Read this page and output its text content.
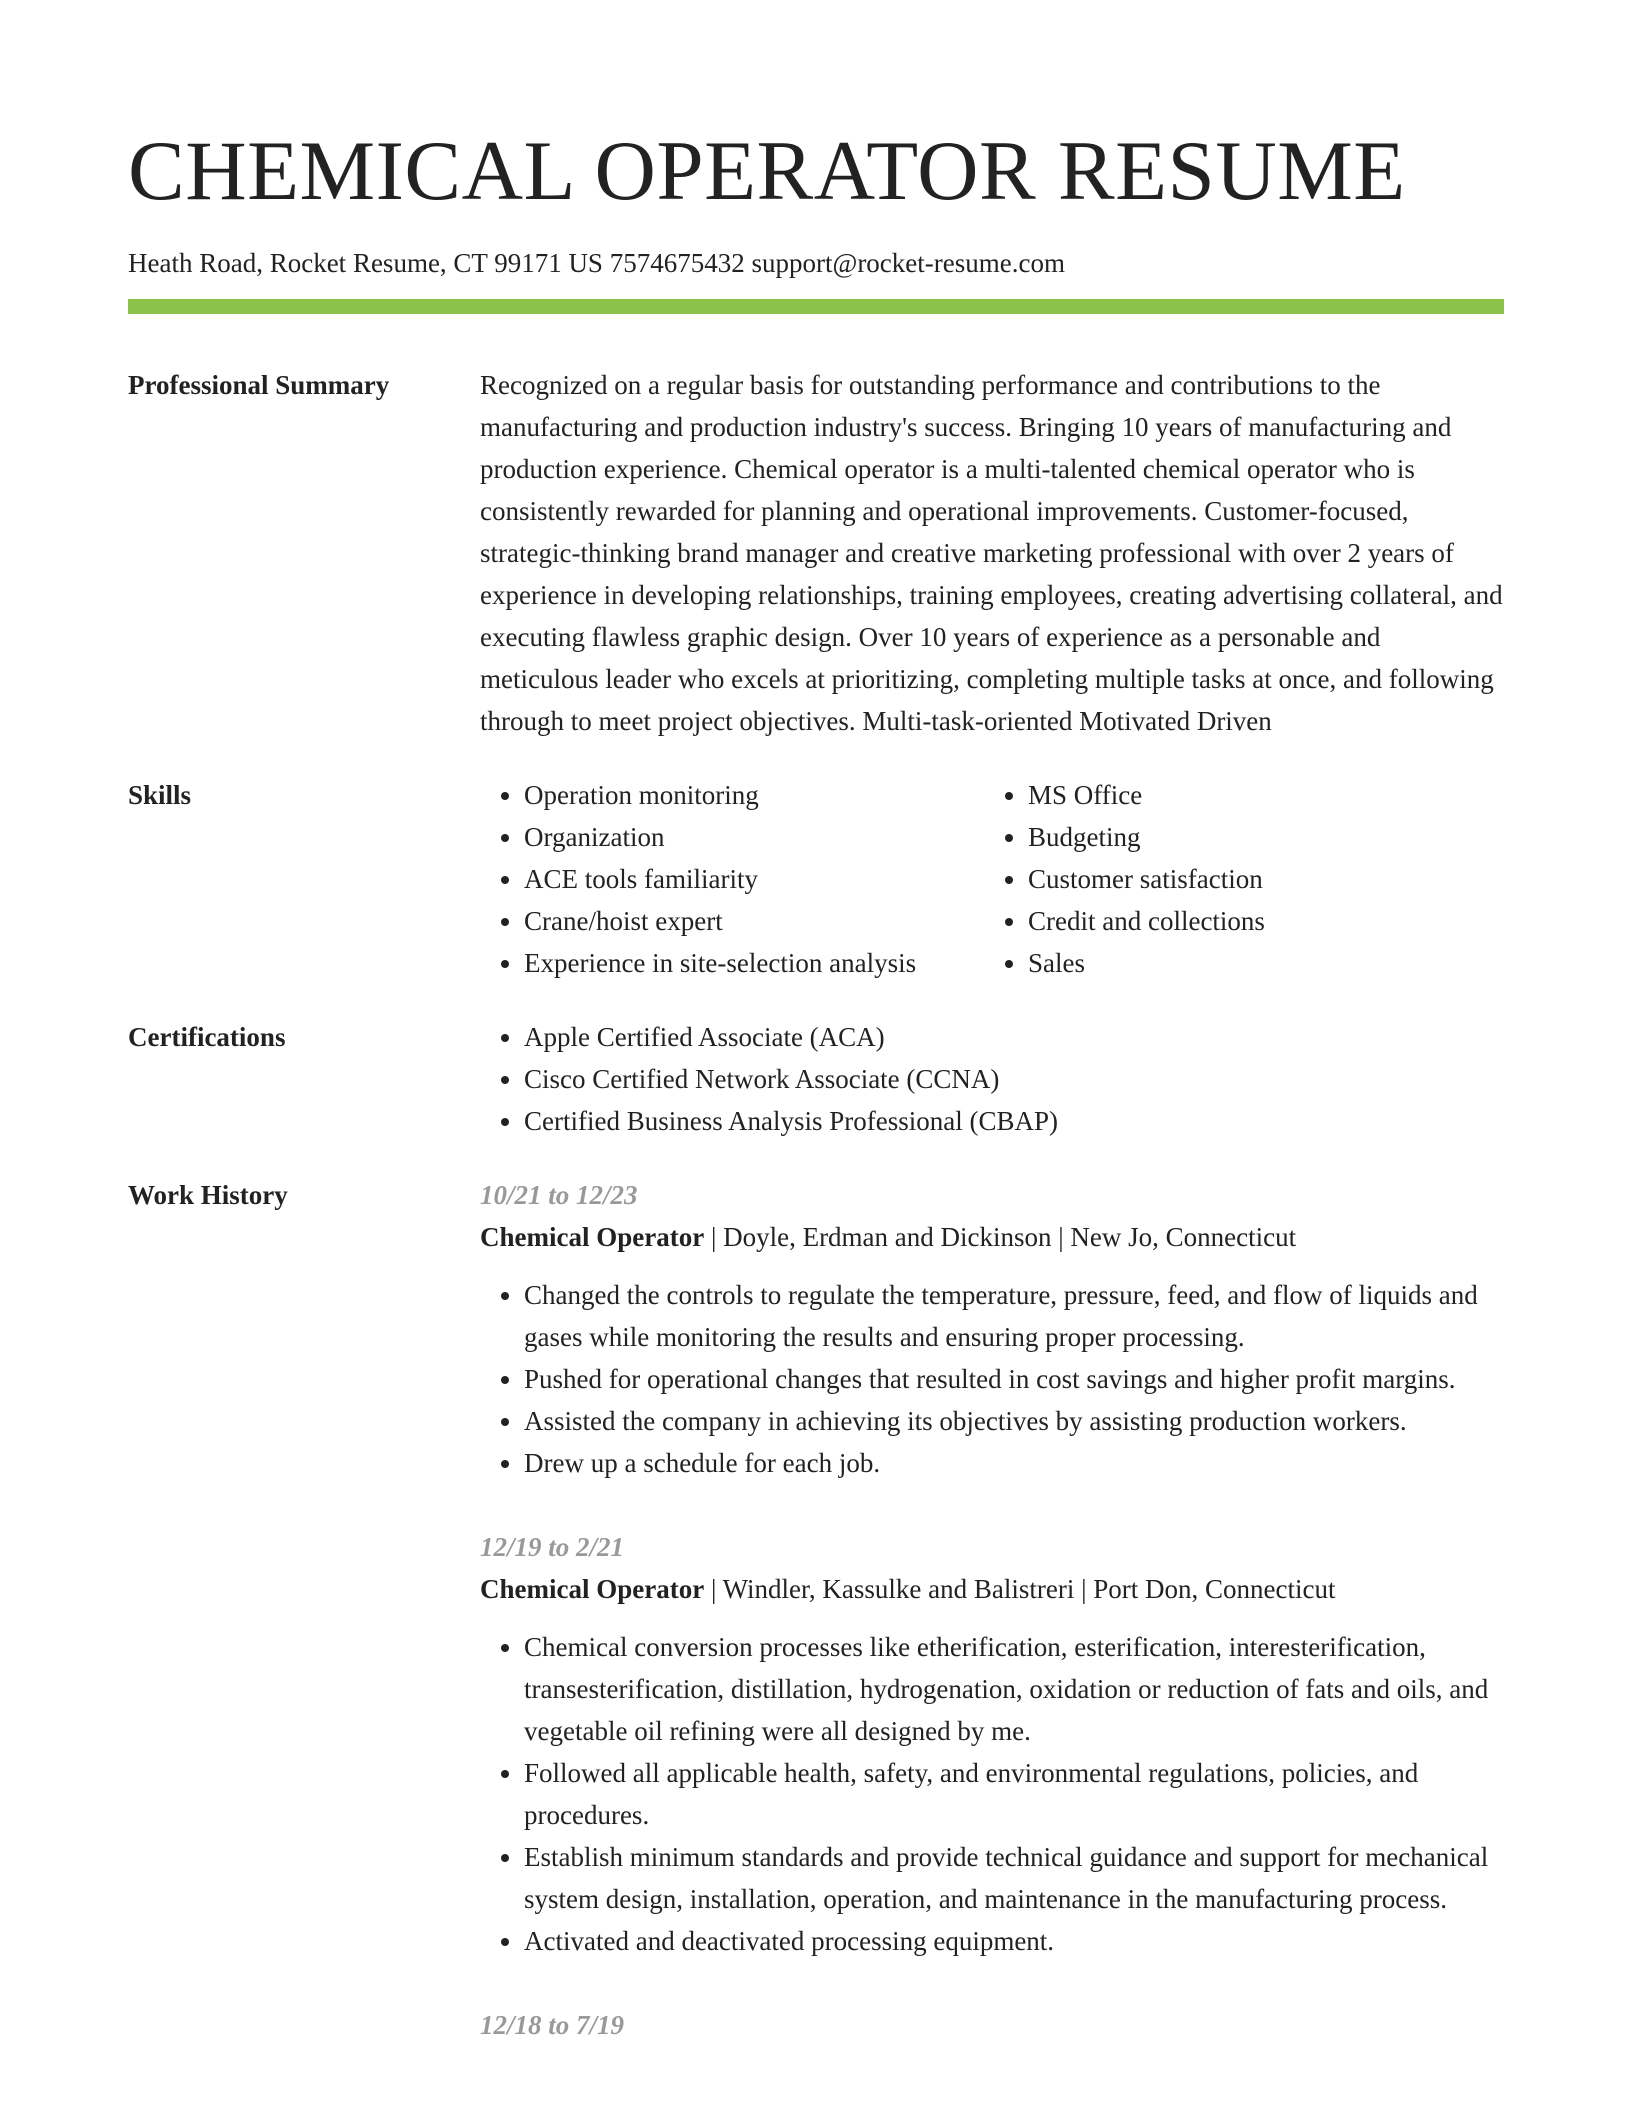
CHEMICAL OPERATOR RESUME
Heath Road, Rocket Resume, CT 99171 US 7574675432 support@rocket-resume.com
Professional Summary	Recognized on a regular basis for outstanding performance and contributions to the manufacturing and production industry's success. Bringing 10 years of manufacturing and production experience. Chemical operator is a multi-talented chemical operator who is consistently rewarded for planning and operational improvements. Customer-focused, strategic-thinking brand manager and creative marketing professional with over 2 years of experience in developing relationships, training employees, creating advertising collateral, and executing flawless graphic design. Over 10 years of experience as a personable and meticulous leader who excels at prioritizing, completing multiple tasks at once, and following through to meet project objectives. Multi-task-oriented Motivated Driven

Skills	• Operation monitoring
• Organization
• ACE tools familiarity
• Crane/hoist expert
• Experience in site-selection analysis
• MS Office
• Budgeting
• Customer satisfaction
• Credit and collections
• Sales
Certifications	• Apple Certified Associate (ACA)
• Cisco Certified Network Associate (CCNA)
• Certified Business Analysis Professional (CBAP)
Work History	10/21 to 12/23
Chemical Operator | Doyle, Erdman and Dickinson | New Jo, Connecticut
• Changed the controls to regulate the temperature, pressure, feed, and flow of liquids and gases while monitoring the results and ensuring proper processing.
• Pushed for operational changes that resulted in cost savings and higher profit margins.
• Assisted the company in achieving its objectives by assisting production workers.
• Drew up a schedule for each job.
12/19 to 2/21
Chemical Operator | Windler, Kassulke and Balistreri | Port Don, Connecticut
• Chemical conversion processes like etherification, esterification, interesterification, transesterification, distillation, hydrogenation, oxidation or reduction of fats and oils, and vegetable oil refining were all designed by me.
• Followed all applicable health, safety, and environmental regulations, policies, and procedures.
• Establish minimum standards and provide technical guidance and support for mechanical system design, installation, operation, and maintenance in the manufacturing process.
• Activated and deactivated processing equipment.
12/18 to 7/19
